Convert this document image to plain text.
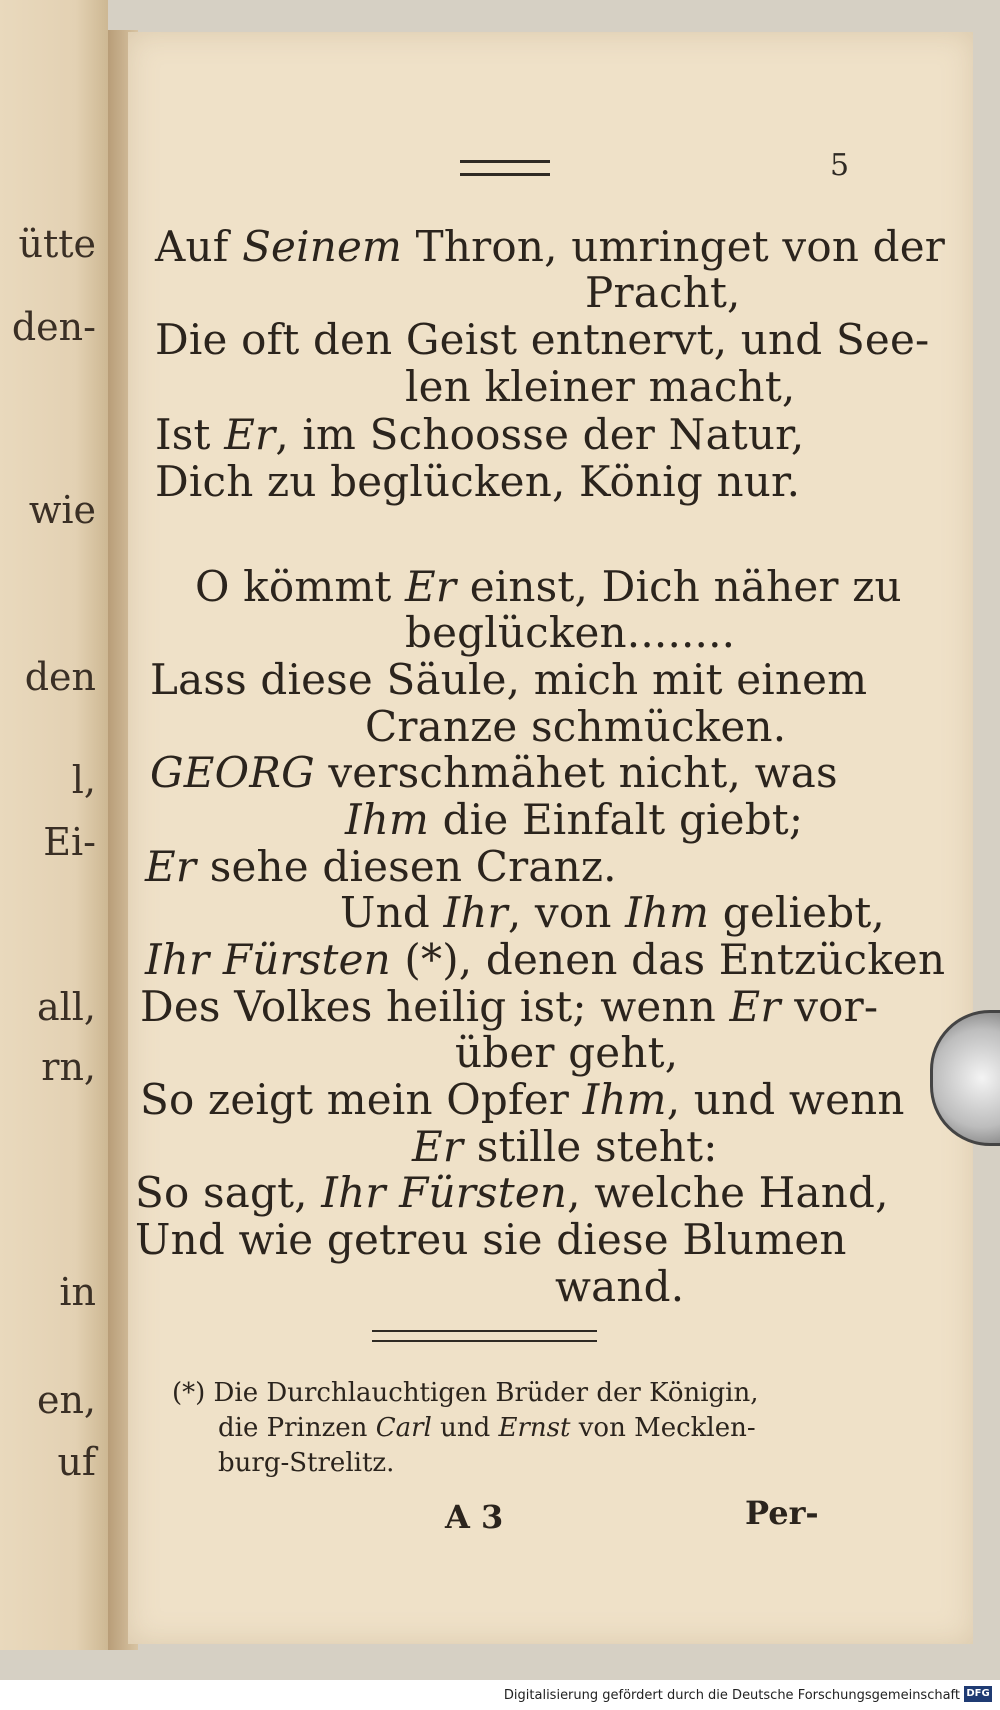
ütte
den-
wie
den
l,
Ei-
all,
rn,
in
en,
uf
5
Auf Seinem Thron, umringet von der
Pracht,
Die oft den Geist entnervt, und See-
len kleiner macht,
Ist Er, im Schoosse der Natur,
Dich zu beglücken, König nur.
O kömmt Er einst, Dich näher zu
beglücken........
Lass diese Säule, mich mit einem
Cranze schmücken.
GEORG verschmähet nicht, was
Ihm die Einfalt giebt;
Er sehe diesen Cranz.
Und Ihr, von Ihm geliebt,
Ihr Fürsten (*), denen das Entzücken
Des Volkes heilig ist; wenn Er vor-
über geht,
So zeigt mein Opfer Ihm, und wenn
Er stille steht:
So sagt, Ihr Fürsten, welche Hand,
Und wie getreu sie diese Blumen
wand.
(*) Die Durchlauchtigen Brüder der Königin,
die Prinzen Carl und Ernst von Mecklen-
burg-Strelitz.
A 3	Per-
Digitalisierung gefördert durch die Deutsche Forschungsgemeinschaft DFG
